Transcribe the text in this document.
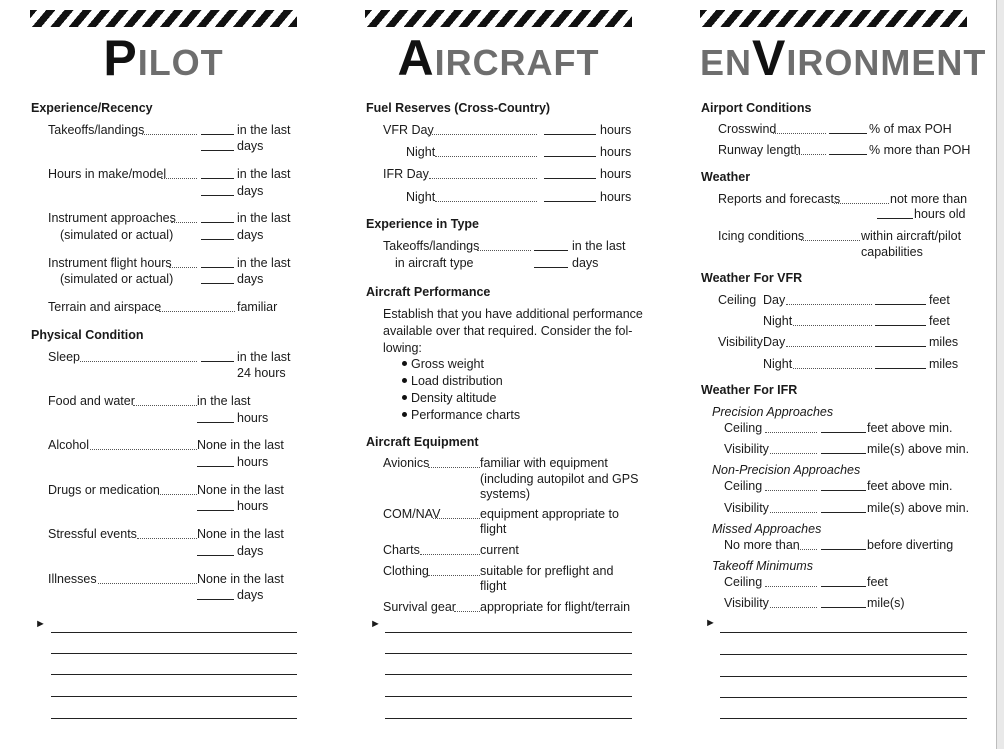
PILOT
Experience/Recency
Takeoffs/landings	in the last
days
Hours in make/model	in the last
days
Instrument approaches	in the last
(simulated or actual)	days
Instrument flight hours	in the last
(simulated or actual)	days
Terrain and airspace	familiar
Physical Condition
Sleep	in the last
24 hours
Food and water	in the last
hours
Alcohol	None in the last
hours
Drugs or medication	None in the last
hours
Stressful events	None in the last
days
Illnesses	None in the last
days
►
AIRCRAFT
Fuel Reserves (Cross-Country)
VFR Day	hours
Night	hours
IFR Day	hours
Night	hours
Experience in Type
Takeoffs/landings	in the last
in aircraft type	days
Aircraft Performance
Establish that you have additional performance
available over that required. Consider the fol-
lowing:
Gross weight
Load distribution
Density altitude
Performance charts
Aircraft Equipment
Avionics	familiar with equipment
(including autopilot and GPS
systems)
COM/NAV	equipment appropriate to
flight
Charts	current
Clothing	suitable for preflight and
flight
Survival gear appropriate for flight/terrain
►
ENVIRONMENT
Airport Conditions
Crosswind	% of max POH
Runway length	% more than POH
Weather
Reports and forecasts	not more than
hours old
Icing conditions	within aircraft/pilot
capabilities
Weather For VFR
Ceiling Day	feet
Night	feet
Visibility Day	miles
Night	miles
Weather For IFR
Precision Approaches
Ceiling	feet above min.
Visibility	mile(s) above min.
Non-Precision Approaches
Ceiling	feet above min.
Visibility	mile(s) above min.
Missed Approaches
No more than	before diverting
Takeoff Minimums
Ceiling	feet
Visibility	mile(s)
►
